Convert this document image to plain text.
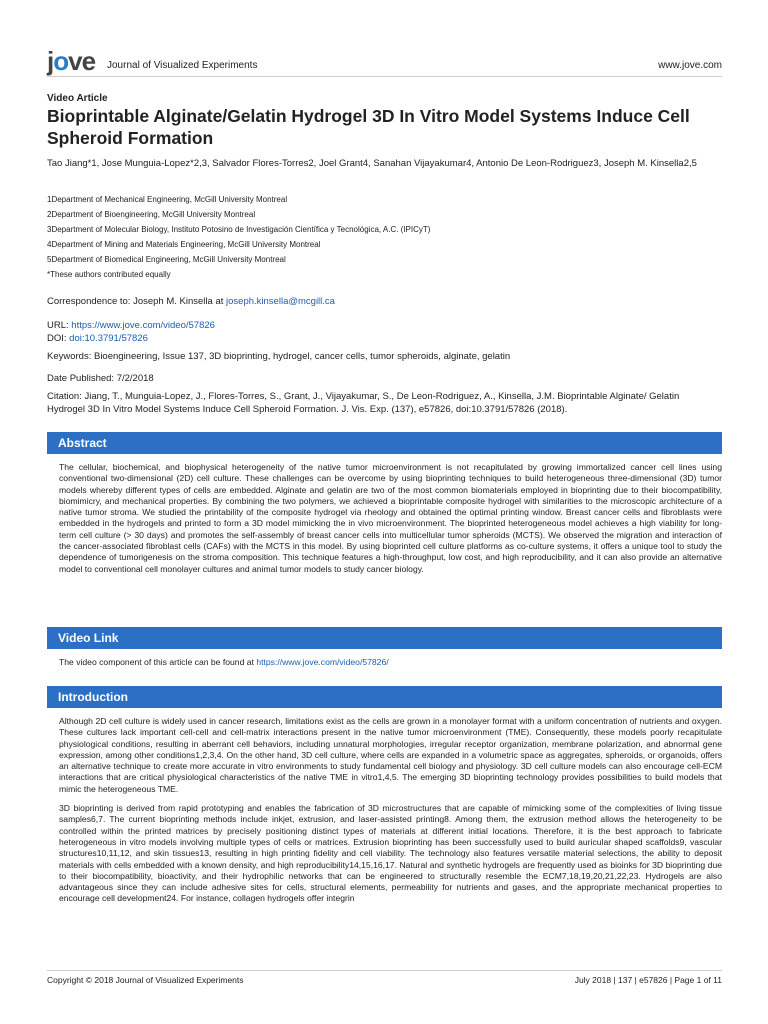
jove Journal of Visualized Experiments	www.jove.com
Video Article
Bioprintable Alginate/Gelatin Hydrogel 3D In Vitro Model Systems Induce Cell Spheroid Formation
Tao Jiang*1, Jose Munguia-Lopez*2,3, Salvador Flores-Torres2, Joel Grant4, Sanahan Vijayakumar4, Antonio De Leon-Rodriguez3, Joseph M. Kinsella2,5
1Department of Mechanical Engineering, McGill University Montreal
2Department of Bioengineering, McGill University Montreal
3Department of Molecular Biology, Instituto Potosino de Investigación Científica y Tecnológica, A.C. (IPICyT)
4Department of Mining and Materials Engineering, McGill University Montreal
5Department of Biomedical Engineering, McGill University Montreal
*These authors contributed equally
Correspondence to: Joseph M. Kinsella at joseph.kinsella@mcgill.ca
URL: https://www.jove.com/video/57826
DOI: doi:10.3791/57826
Keywords: Bioengineering, Issue 137, 3D bioprinting, hydrogel, cancer cells, tumor spheroids, alginate, gelatin
Date Published: 7/2/2018
Citation: Jiang, T., Munguia-Lopez, J., Flores-Torres, S., Grant, J., Vijayakumar, S., De Leon-Rodriguez, A., Kinsella, J.M. Bioprintable Alginate/ Gelatin Hydrogel 3D In Vitro Model Systems Induce Cell Spheroid Formation. J. Vis. Exp. (137), e57826, doi:10.3791/57826 (2018).
Abstract
The cellular, biochemical, and biophysical heterogeneity of the native tumor microenvironment is not recapitulated by growing immortalized cancer cell lines using conventional two-dimensional (2D) cell culture. These challenges can be overcome by using bioprinting techniques to build heterogeneous three-dimensional (3D) tumor models whereby different types of cells are embedded. Alginate and gelatin are two of the most common biomaterials employed in bioprinting due to their biocompatibility, biomimicry, and mechanical properties. By combining the two polymers, we achieved a bioprintable composite hydrogel with similarities to the microscopic architecture of a native tumor stroma. We studied the printability of the composite hydrogel via rheology and obtained the optimal printing window. Breast cancer cells and fibroblasts were embedded in the hydrogels and printed to form a 3D model mimicking the in vivo microenvironment. The bioprinted heterogeneous model achieves a high viability for long-term cell culture (> 30 days) and promotes the self-assembly of breast cancer cells into multicellular tumor spheroids (MCTS). We observed the migration and interaction of the cancer-associated fibroblast cells (CAFs) with the MCTS in this model. By using bioprinted cell culture platforms as co-culture systems, it offers a unique tool to study the dependence of tumorigenesis on the stroma composition. This technique features a high-throughput, low cost, and high reproducibility, and it can also provide an alternative model to conventional cell monolayer cultures and animal tumor models to study cancer biology.
Video Link
The video component of this article can be found at https://www.jove.com/video/57826/
Introduction

Although 2D cell culture is widely used in cancer research, limitations exist as the cells are grown in a monolayer format with a uniform concentration of nutrients and oxygen. These cultures lack important cell-cell and cell-matrix interactions present in the native tumor microenvironment (TME). Consequently, these models poorly recapitulate physiological conditions, resulting in aberrant cell behaviors, including unnatural morphologies, irregular receptor organization, membrane polarization, and abnormal gene expression, among other conditions1,2,3,4. On the other hand, 3D cell culture, where cells are expanded in a volumetric space as aggregates, spheroids, or organoids, offers an alternative technique to create more accurate in vitro environments to study fundamental cell biology and physiology. 3D cell culture models can also encourage cell-ECM interactions that are critical physiological characteristics of the native TME in vitro1,4,5. The emerging 3D bioprinting technology provides possibilities to build models that mimic the heterogeneous TME.

3D bioprinting is derived from rapid prototyping and enables the fabrication of 3D microstructures that are capable of mimicking some of the complexities of living tissue samples6,7. The current bioprinting methods include inkjet, extrusion, and laser-assisted printing8. Among them, the extrusion method allows the heterogeneity to be controlled within the printed matrices by precisely positioning distinct types of materials at different initial locations. Therefore, it is the best approach to fabricate heterogeneous in vitro models involving multiple types of cells or matrices. Extrusion bioprinting has been successfully used to build auricular shaped scaffolds9, vascular structures10,11,12, and skin tissues13, resulting in high printing fidelity and cell viability. The technology also features versatile material selections, the ability to deposit materials with cells embedded with a known density, and high reproducibility14,15,16,17. Natural and synthetic hydrogels are frequently used as bioinks for 3D bioprinting due to their biocompatibility, bioactivity, and their hydrophilic networks that can be engineered to structurally resemble the ECM7,18,19,20,21,22,23. Hydrogels are also advantageous since they can include adhesive sites for cells, structural elements, permeability for nutrients and gases, and the appropriate mechanical properties to encourage cell development24. For instance, collagen hydrogels offer integrin

Copyright © 2018 Journal of Visualized Experiments	July 2018 | 137 | e57826 | Page 1 of 11
